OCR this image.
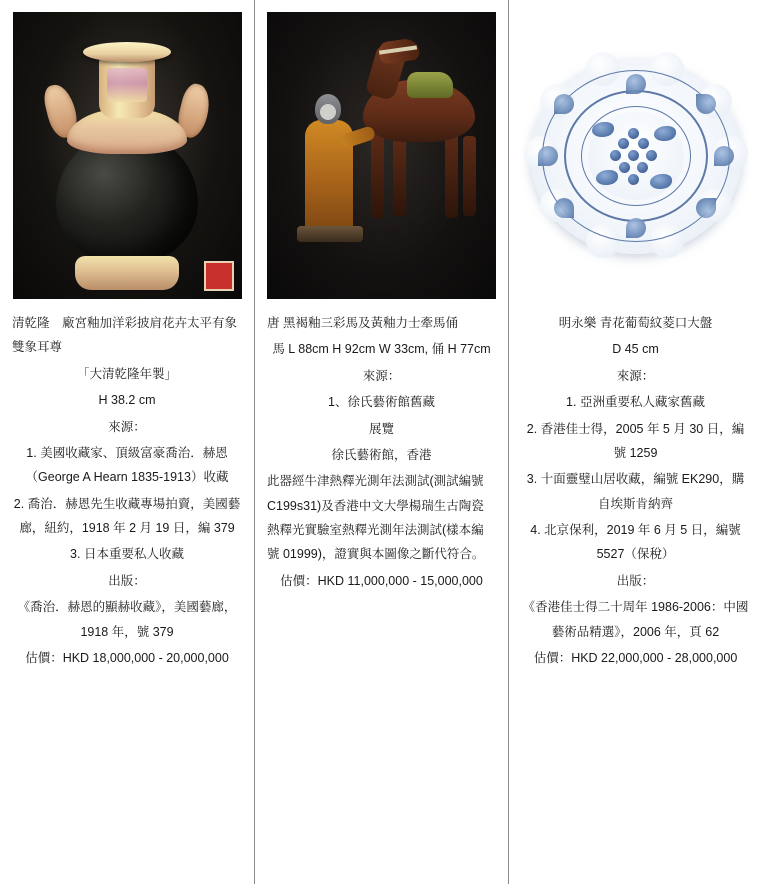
清乾隆　廠宮釉加洋彩披肩花卉太平有象雙象耳尊

「大清乾隆年製」

H 38.2 cm

來源：

1. 美國收藏家、頂級富豪喬治．赫恩（George A Hearn 1835-1913）收藏

2. 喬治．赫恩先生收藏專場拍賣，美國藝廊，紐約，1918 年 2 月 19 日，編 379

3. 日本重要私人收藏

出版：

《喬治．赫恩的顯赫收藏》，美國藝廊，1918 年，號 379

估價：HKD 18,000,000 - 20,000,000

唐 黑褐釉三彩馬及黃釉力士牽馬俑

馬 L 88cm H 92cm W 33cm, 俑 H 77cm

來源：

1、徐氏藝術館舊藏

展覽

徐氏藝術館，香港

此器經牛津熱釋光測年法測試(測試編號 C199s31)及香港中文大學楊瑞生古陶瓷熱釋光實驗室熱釋光測年法測試(樣本編號 01999)，證實與本圖像之斷代符合。

估價：HKD 11,000,000 - 15,000,000

明永樂 青花葡萄紋菱口大盤

D 45 cm

來源：

1. 亞洲重要私人藏家舊藏

2. 香港佳士得，2005 年 5 月 30 日，編號 1259

3. 十面靈璧山居收藏，編號 EK290，購自埃斯肯納齊

4. 北京保利，2019 年 6 月 5 日，編號 5527（保稅）

出版：

《香港佳士得二十周年 1986-2006：中國藝術品精選》，2006 年，頁 62

估價：HKD 22,000,000 - 28,000,000
